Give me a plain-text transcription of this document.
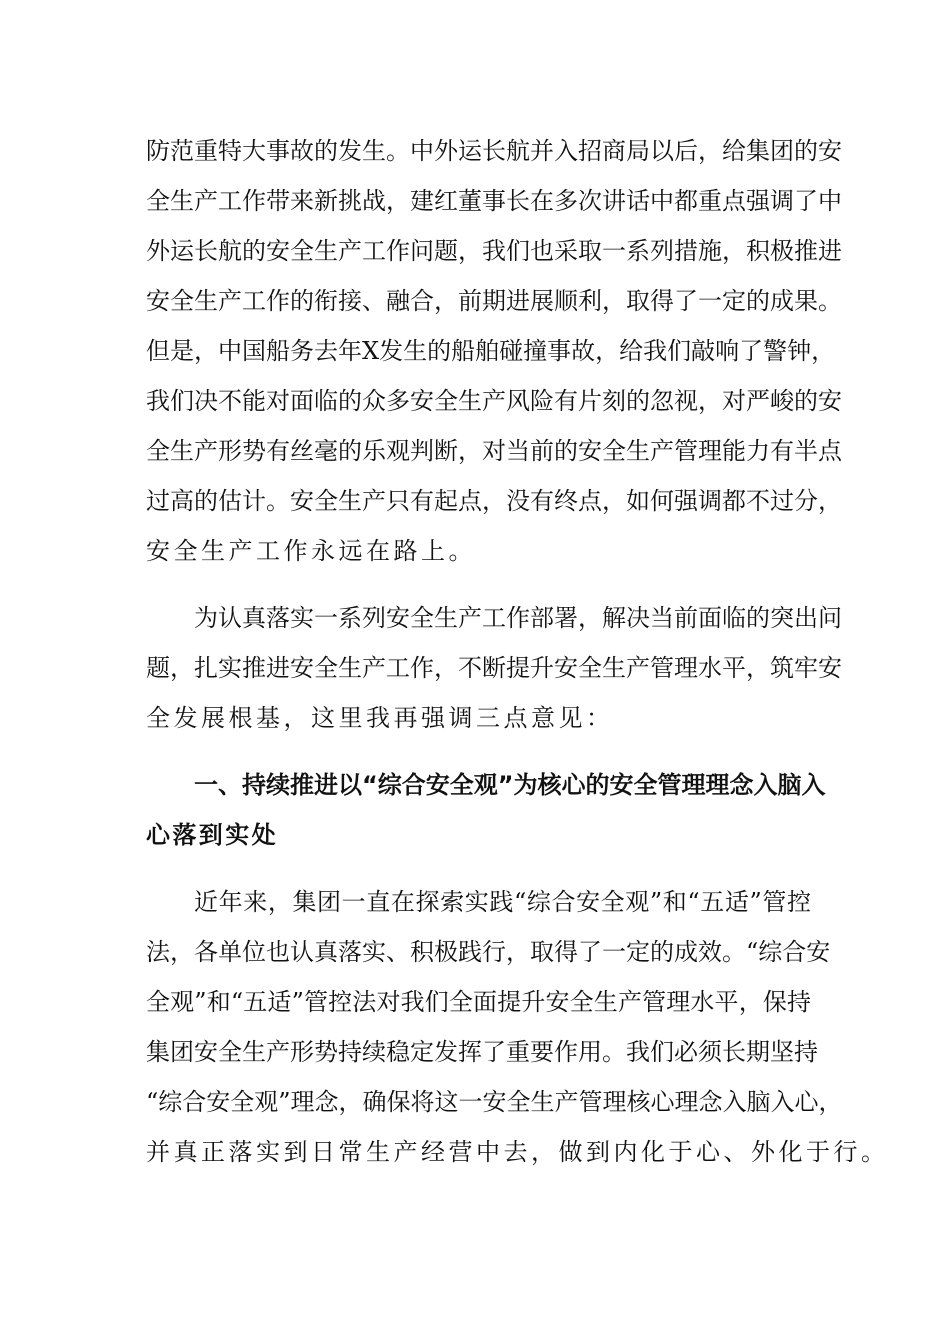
防范重特大事故的发生。中外运长航并入招商局以后，给集团的安
全生产工作带来新挑战，建红董事长在多次讲话中都重点强调了中
外运长航的安全生产工作问题，我们也采取一系列措施，积极推进
安全生产工作的衔接、融合，前期进展顺利，取得了一定的成果。
但是，中国船务去年X发生的船舶碰撞事故，给我们敲响了警钟，
我们决不能对面临的众多安全生产风险有片刻的忽视，对严峻的安
全生产形势有丝毫的乐观判断，对当前的安全生产管理能力有半点
过高的估计。安全生产只有起点，没有终点，如何强调都不过分，
安全生产工作永远在路上。
为认真落实一系列安全生产工作部署，解决当前面临的突出问
题，扎实推进安全生产工作，不断提升安全生产管理水平，筑牢安
全发展根基，这里我再强调三点意见：
一、持续推进以“综合安全观”为核心的安全管理理念入脑入
心落到实处
近年来，集团一直在探索实践“综合安全观”和“五适”管控
法，各单位也认真落实、积极践行，取得了一定的成效。“综合安
全观”和“五适”管控法对我们全面提升安全生产管理水平，保持
集团安全生产形势持续稳定发挥了重要作用。我们必须长期坚持
“综合安全观”理念，确保将这一安全生产管理核心理念入脑入心，
并真正落实到日常生产经营中去，做到内化于心、外化于行。
